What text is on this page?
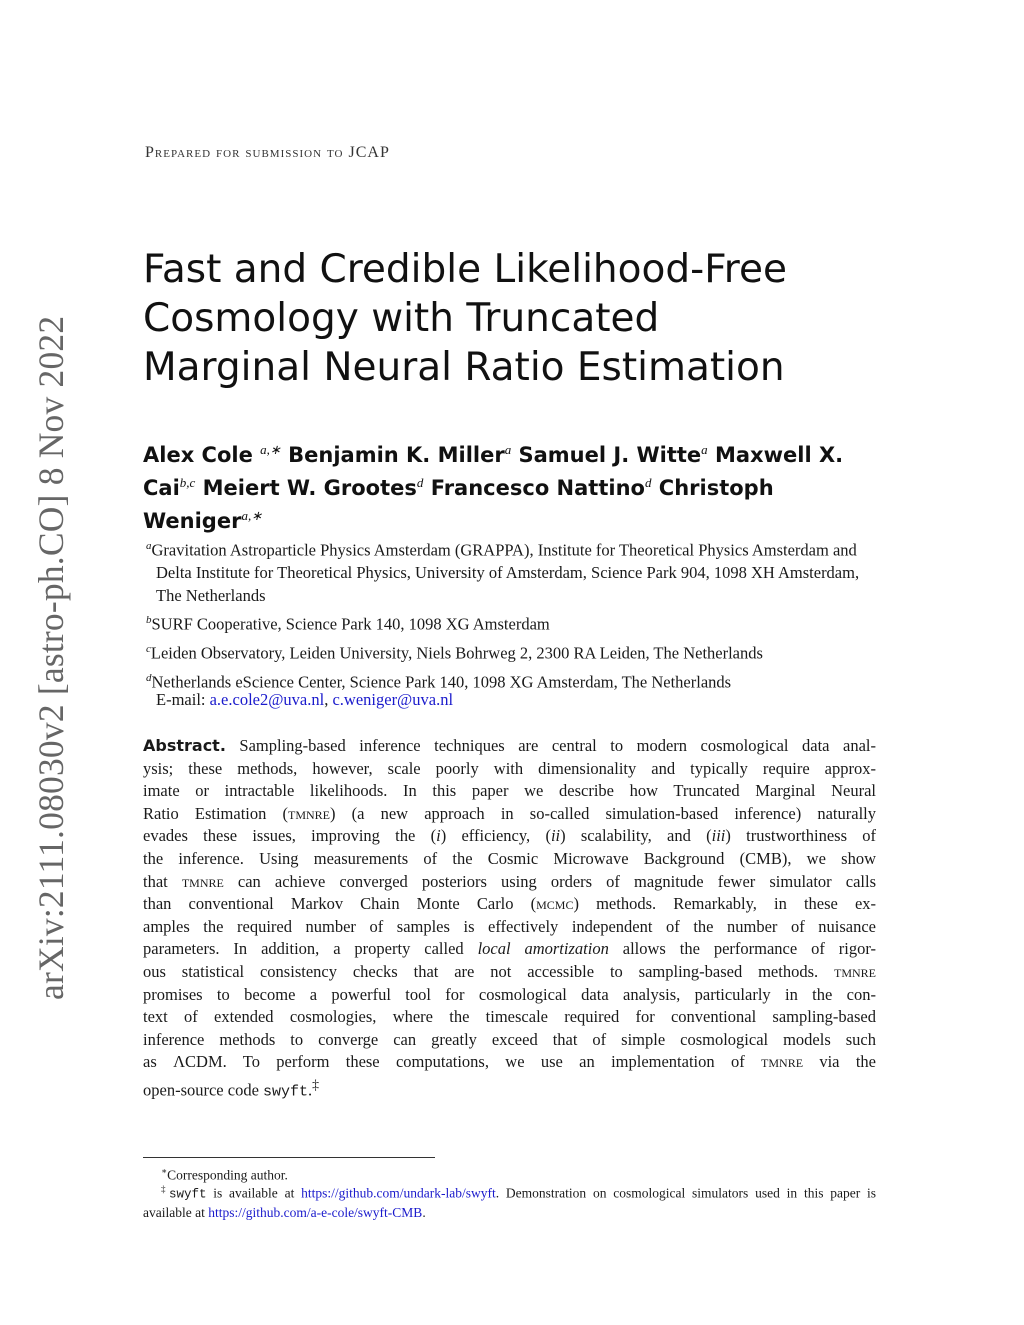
arXiv:2111.08030v2 [astro-ph.CO] 8 Nov 2022
Prepared for submission to JCAP
Fast and Credible Likelihood-Free
Cosmology with Truncated
Marginal Neural Ratio Estimation
Alex Cole $^{a,∗}$ Benjamin K. Miller$^a$ Samuel J. Witte$^a$ Maxwell X.
Cai$^{b,c}$ Meiert W. Grootes$^d$ Francesco Nattino$^d$ Christoph
Weniger$^{a,∗}$
$^a$Gravitation Astroparticle Physics Amsterdam (GRAPPA), Institute for Theoretical Physics Amsterdam and Delta Institute for Theoretical Physics, University of Amsterdam, Science Park 904, 1098 XH Amsterdam, The Netherlands
$^b$SURF Cooperative, Science Park 140, 1098 XG Amsterdam
$^c$Leiden Observatory, Leiden University, Niels Bohrweg 2, 2300 RA Leiden, The Netherlands
$^d$Netherlands eScience Center, Science Park 140, 1098 XG Amsterdam, The Netherlands
E-mail: a.e.cole2@uva.nl, c.weniger@uva.nl
Abstract. Sampling-based inference techniques are central to modern cosmological data anal-
ysis; these methods, however, scale poorly with dimensionality and typically require approx-
imate or intractable likelihoods. In this paper we describe how Truncated Marginal Neural
Ratio Estimation (tmnre) (a new approach in so-called simulation-based inference) naturally
evades these issues, improving the (i) efficiency, (ii) scalability, and (iii) trustworthiness of
the inference. Using measurements of the Cosmic Microwave Background (CMB), we show
that tmnre can achieve converged posteriors using orders of magnitude fewer simulator calls
than conventional Markov Chain Monte Carlo (mcmc) methods. Remarkably, in these ex-
amples the required number of samples is effectively independent of the number of nuisance
parameters. In addition, a property called local amortization allows the performance of rigor-
ous statistical consistency checks that are not accessible to sampling-based methods. tmnre
promises to become a powerful tool for cosmological data analysis, particularly in the con-
text of extended cosmologies, where the timescale required for conventional sampling-based
inference methods to converge can greatly exceed that of simple cosmological models such
as ΛCDM. To perform these computations, we use an implementation of tmnre via the
open-source code swyft.‡
∗Corresponding author.
‡swyft is available at https://github.com/undark-lab/swyft. Demonstration on cosmological simulators used in this paper is available at https://github.com/a-e-cole/swyft-CMB.
